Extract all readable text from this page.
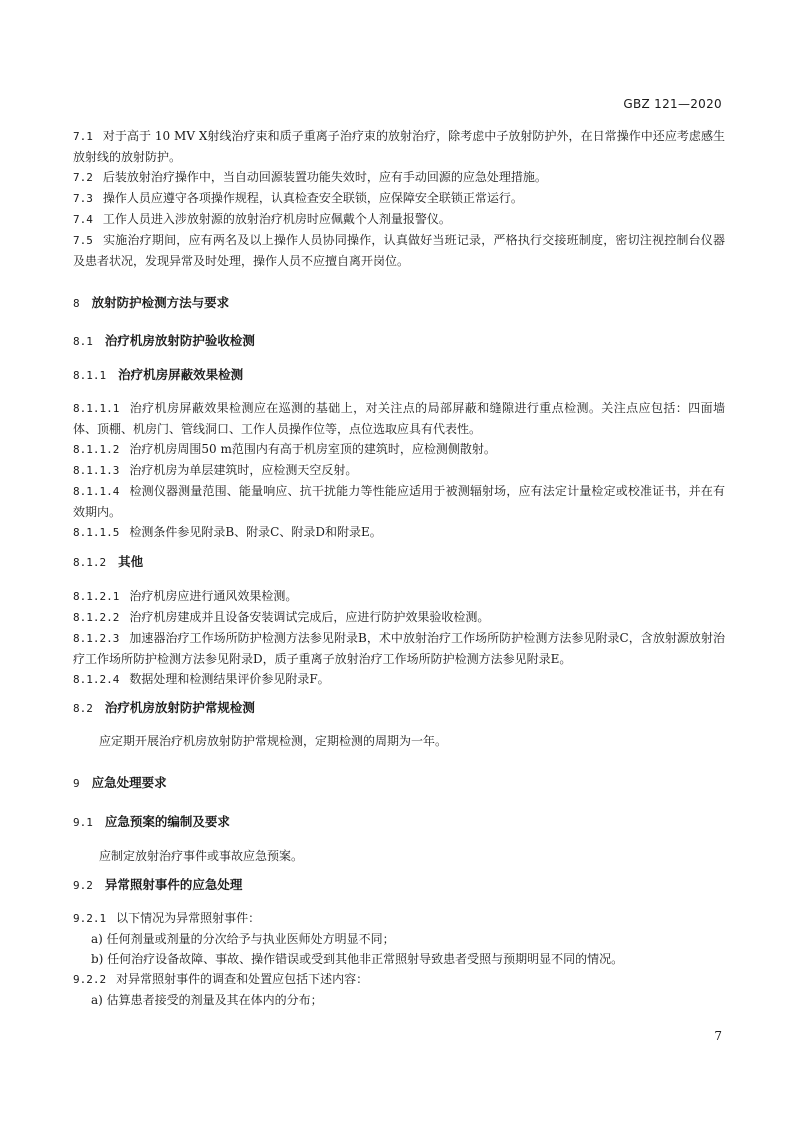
GBZ 121—2020

7.1 对于高于 10 MV X射线治疗束和质子重离子治疗束的放射治疗，除考虑中子放射防护外，在日常操作中还应考虑感生放射线的放射防护。

7.2 后装放射治疗操作中，当自动回源装置功能失效时，应有手动回源的应急处理措施。

7.3 操作人员应遵守各项操作规程，认真检查安全联锁，应保障安全联锁正常运行。

7.4 工作人员进入涉放射源的放射治疗机房时应佩戴个人剂量报警仪。

7.5 实施治疗期间，应有两名及以上操作人员协同操作，认真做好当班记录，严格执行交接班制度，密切注视控制台仪器及患者状况，发现异常及时处理，操作人员不应擅自离开岗位。

8 放射防护检测方法与要求

8.1 治疗机房放射防护验收检测

8.1.1 治疗机房屏蔽效果检测

8.1.1.1 治疗机房屏蔽效果检测应在巡测的基础上，对关注点的局部屏蔽和缝隙进行重点检测。关注点应包括：四面墙体、顶棚、机房门、管线洞口、工作人员操作位等，点位选取应具有代表性。

8.1.1.2 治疗机房周围50 m范围内有高于机房室顶的建筑时，应检测侧散射。

8.1.1.3 治疗机房为单层建筑时，应检测天空反射。

8.1.1.4 检测仪器测量范围、能量响应、抗干扰能力等性能应适用于被测辐射场，应有法定计量检定或校准证书，并在有效期内。

8.1.1.5 检测条件参见附录B、附录C、附录D和附录E。

8.1.2 其他

8.1.2.1 治疗机房应进行通风效果检测。

8.1.2.2 治疗机房建成并且设备安装调试完成后，应进行防护效果验收检测。

8.1.2.3 加速器治疗工作场所防护检测方法参见附录B，术中放射治疗工作场所防护检测方法参见附录C，含放射源放射治疗工作场所防护检测方法参见附录D，质子重离子放射治疗工作场所防护检测方法参见附录E。

8.1.2.4 数据处理和检测结果评价参见附录F。

8.2 治疗机房放射防护常规检测

应定期开展治疗机房放射防护常规检测，定期检测的周期为一年。

9 应急处理要求

9.1 应急预案的编制及要求

应制定放射治疗事件或事故应急预案。

9.2 异常照射事件的应急处理

9.2.1 以下情况为异常照射事件：

a) 任何剂量或剂量的分次给予与执业医师处方明显不同；

b) 任何治疗设备故障、事故、操作错误或受到其他非正常照射导致患者受照与预期明显不同的情况。

9.2.2 对异常照射事件的调查和处置应包括下述内容：

a) 估算患者接受的剂量及其在体内的分布；

7
